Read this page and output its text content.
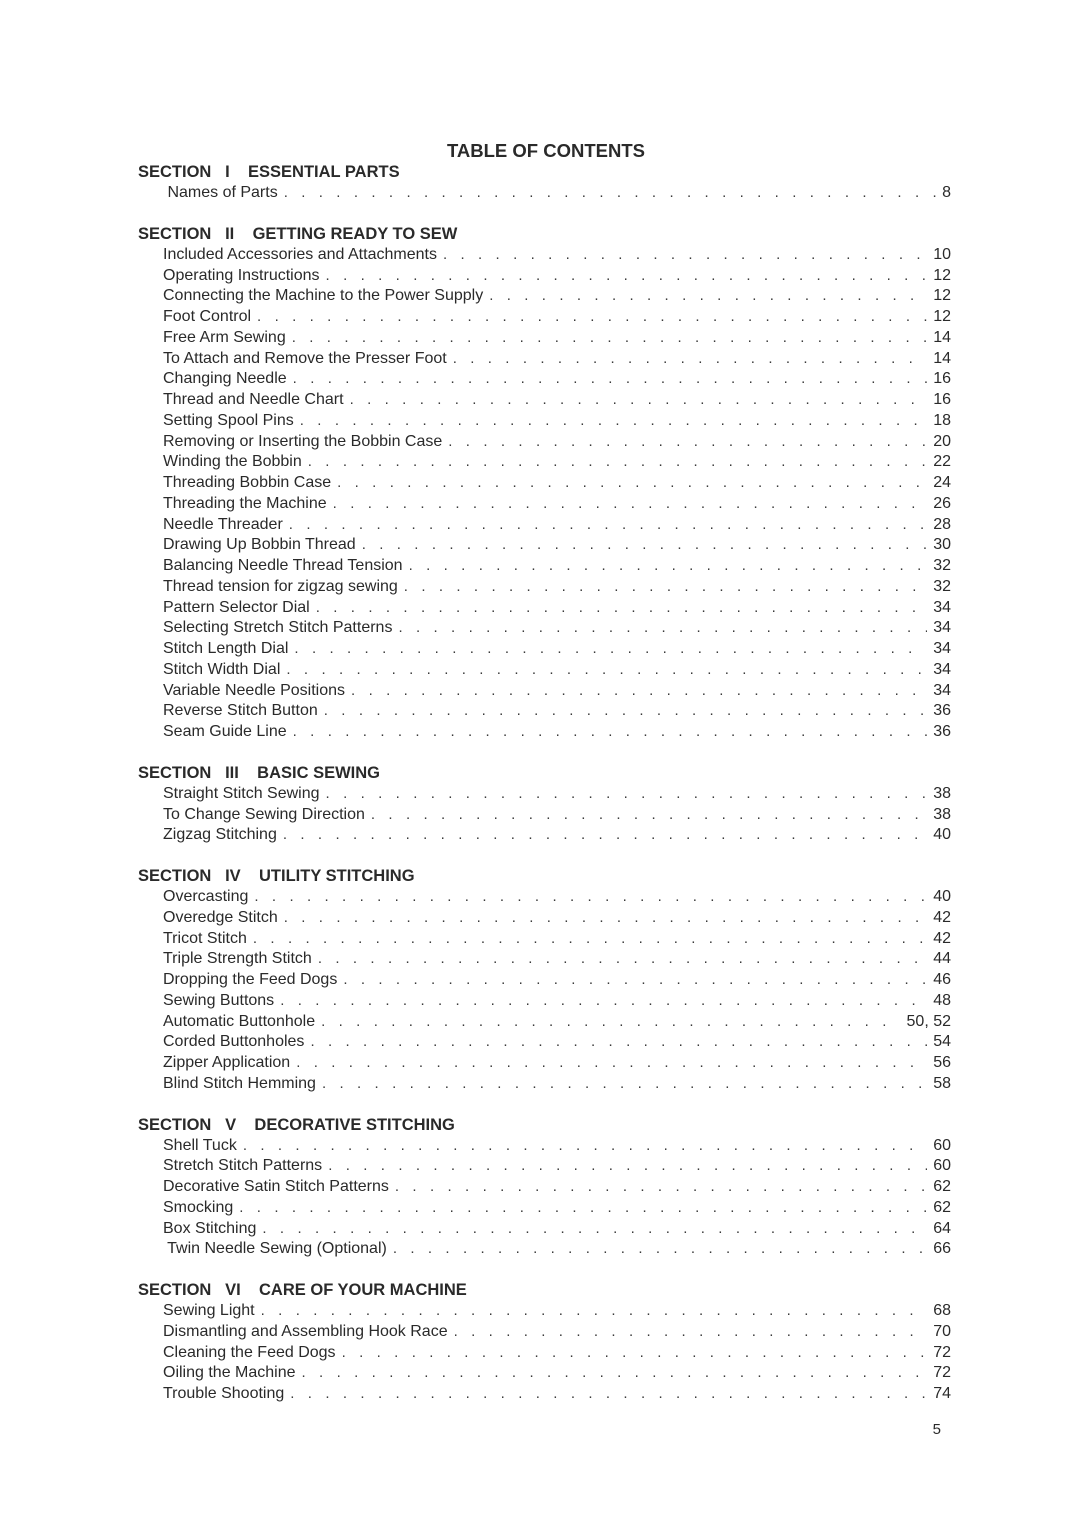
TABLE OF CONTENTS
SECTION   I    ESSENTIAL PARTS
Names of Parts . . .	8
SECTION   II    GETTING READY TO SEW
Included Accessories and Attachments . . .	10
Operating Instructions . . .	12
Connecting the Machine to the Power Supply . . .	12
Foot Control . . .	12
Free Arm Sewing . . .	14
To Attach and Remove the Presser Foot . . .	14
Changing Needle . . .	16
Thread and Needle Chart . . .	16
Setting Spool Pins . . .	18
Removing or Inserting the Bobbin Case . . .	20
Winding the Bobbin . . .	22
Threading Bobbin Case . . .	24
Threading the Machine . . .	26
Needle Threader . . .	28
Drawing Up Bobbin Thread . . .	30
Balancing Needle Thread Tension . . .	32
Thread tension for zigzag sewing . . .	32
Pattern Selector Dial . . .	34
Selecting Stretch Stitch Patterns . . .	34
Stitch Length Dial . . .	34
Stitch Width Dial . . .	34
Variable Needle Positions . . .	34
Reverse Stitch Button . . .	36
Seam Guide Line . . .	36
SECTION   III    BASIC SEWING
Straight Stitch Sewing . . .	38
To Change Sewing Direction . . .	38
Zigzag Stitching . . .	40
SECTION   IV    UTILITY STITCHING
Overcasting . . .	40
Overedge Stitch . . .	42
Tricot Stitch . . .	42
Triple Strength Stitch . . .	44
Dropping the Feed Dogs . . .	46
Sewing Buttons . . .	48
Automatic Buttonhole . . .	50, 52
Corded Buttonholes . . .	54
Zipper Application . . .	56
Blind Stitch Hemming . . .	58
SECTION   V    DECORATIVE STITCHING
Shell Tuck . . .	60
Stretch Stitch Patterns . . .	60
Decorative Satin Stitch Patterns . . .	62
Smocking . . .	62
Box Stitching . . .	64
Twin Needle Sewing (Optional) . . .	66
SECTION   VI    CARE OF YOUR MACHINE
Sewing Light . . .	68
Dismantling and Assembling Hook Race . . .	70
Cleaning the Feed Dogs . . .	72
Oiling the Machine . . .	72
Trouble Shooting . . .	74
5
